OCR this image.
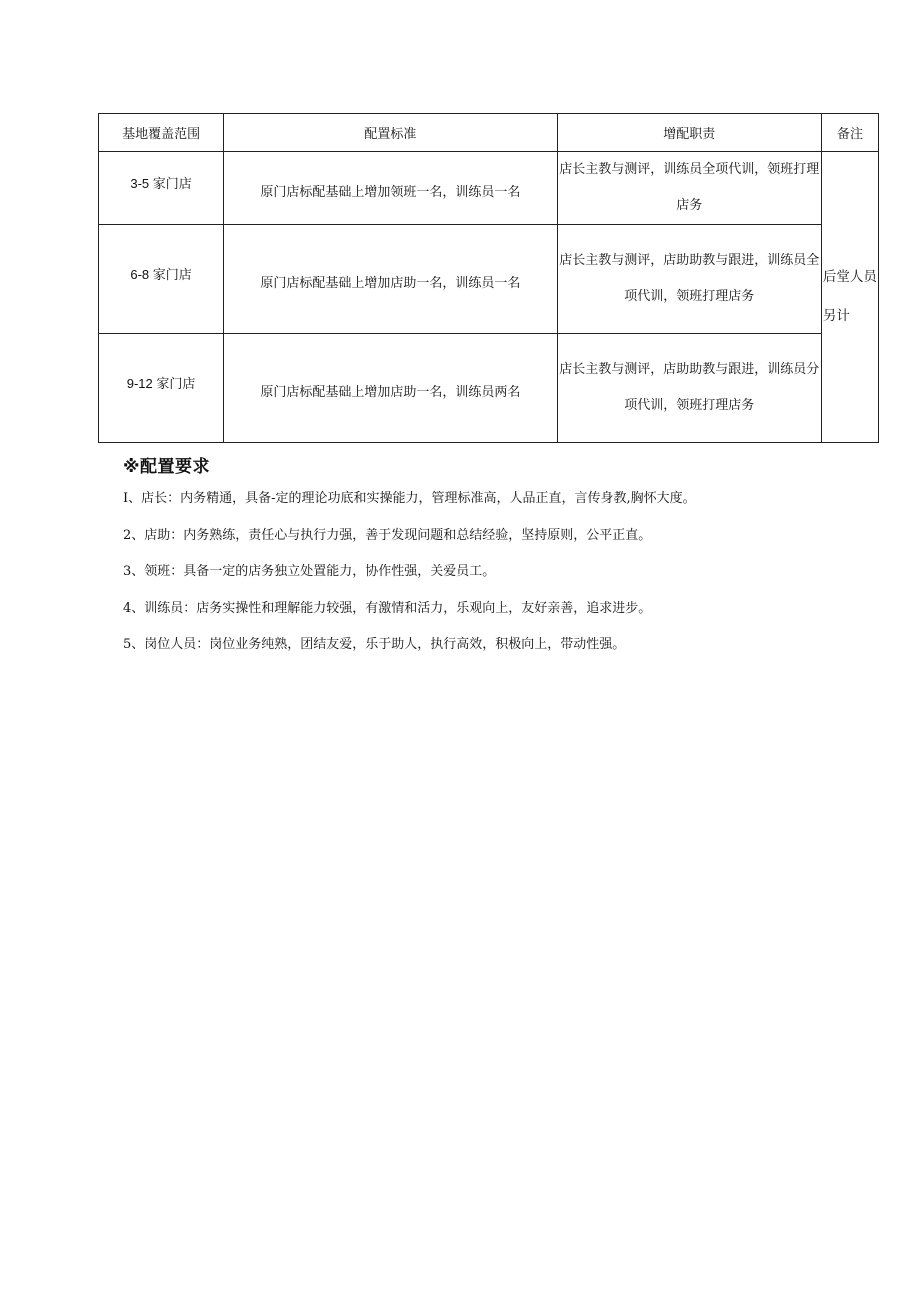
基地覆盖范围	配置标准	增配职责	备注
3-5 家门店	原门店标配基础上增加领班一名，训练员一名	店长主教与测评，训练员全项代训，领班打理店务	后堂人员另计

6-8 家门店	原门店标配基础上增加店助一名，训练员一名	店长主教与测评，店助助教与跟进，训练员全项代训，领班打理店务	

9-12 家门店	原门店标配基础上增加店助一名，训练员两名	店长主教与测评，店助助教与跟进，训练员分项代训，领班打理店务	
※配置要求
I、店长：内务精通，具备-定的理论功底和实操能力，管理标准高，人品正直，言传身教,胸怀大度。
2、店助：内务熟练，责任心与执行力强，善于发现问题和总结经验，坚持原则，公平正直。
3、领班：具备一定的店务独立处置能力，协作性强，关爱员工。
4、训练员：店务实操性和理解能力较强，有激情和活力，乐观向上，友好亲善，追求进步。
5、岗位人员：岗位业务纯熟，团结友爱，乐于助人，执行高效，积极向上，带动性强。
